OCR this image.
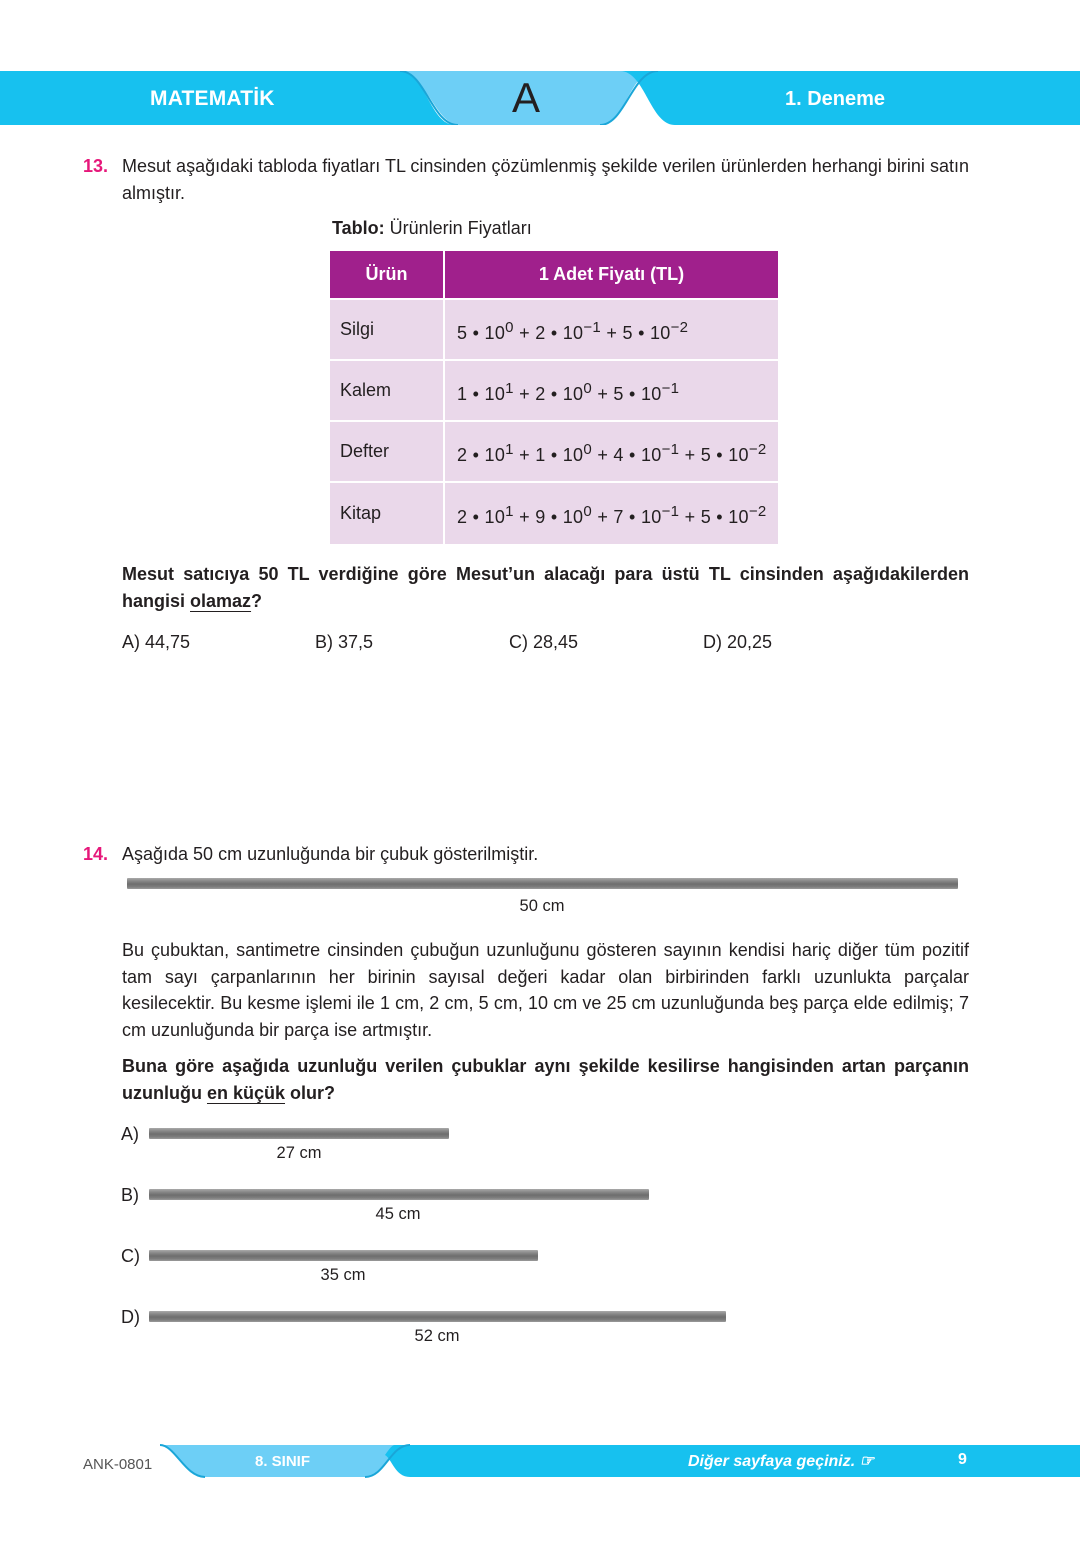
MATEMATİK	A	1. Deneme
13. Mesut aşağıdaki tabloda fiyatları TL cinsinden çözümlenmiş şekilde verilen ürünlerden herhangi birini satın almıştır.
Tablo: Ürünlerin Fiyatları
Ürün	1 Adet Fiyatı (TL)
Silgi	5 • $10^0 + 2$ • $10^{-1} + 5$ • $10^{-2}$
Kalem	1 • $10^1 + 2$ • $10^0 + 5$ • $10^{-1}$
Defter	2 • $10^1 + 1$ • $10^0 + 4$ • $10^{-1} + 5$ • $10^{-2}$
Kitap	2 • $10^1 + 9$ • $10^0 + 7$ • $10^{-1} + 5$ • $10^{-2}$
Mesut satıcıya 50 TL verdiğine göre Mesut’un alacağı para üstü TL cinsinden aşağıdakilerden hangisi olamaz?
A) 44,75	B) 37,5	C) 28,45	D) 20,25
14. Aşağıda 50 cm uzunluğunda bir çubuk gösterilmiştir.
50 cm
Bu çubuktan, santimetre cinsinden çubuğun uzunluğunu gösteren sayının kendisi hariç diğer tüm pozitif tam sayı çarpanlarının her birinin sayısal değeri kadar olan birbirinden farklı uzunlukta parçalar kesilecektir. Bu kesme işlemi ile 1 cm, 2 cm, 5 cm, 10 cm ve 25 cm uzunluğunda beş parça elde edilmiş; 7 cm uzunluğunda bir parça ise artmıştır.
Buna göre aşağıda uzunluğu verilen çubuklar aynı şekilde kesilirse hangisinden artan parçanın uzunluğu en küçük olur?
A)
27 cm
B)
45 cm
C)
35 cm
D)
52 cm
ANK-0801	8. SINIF	Diğer sayfaya geçiniz. ☞	9
